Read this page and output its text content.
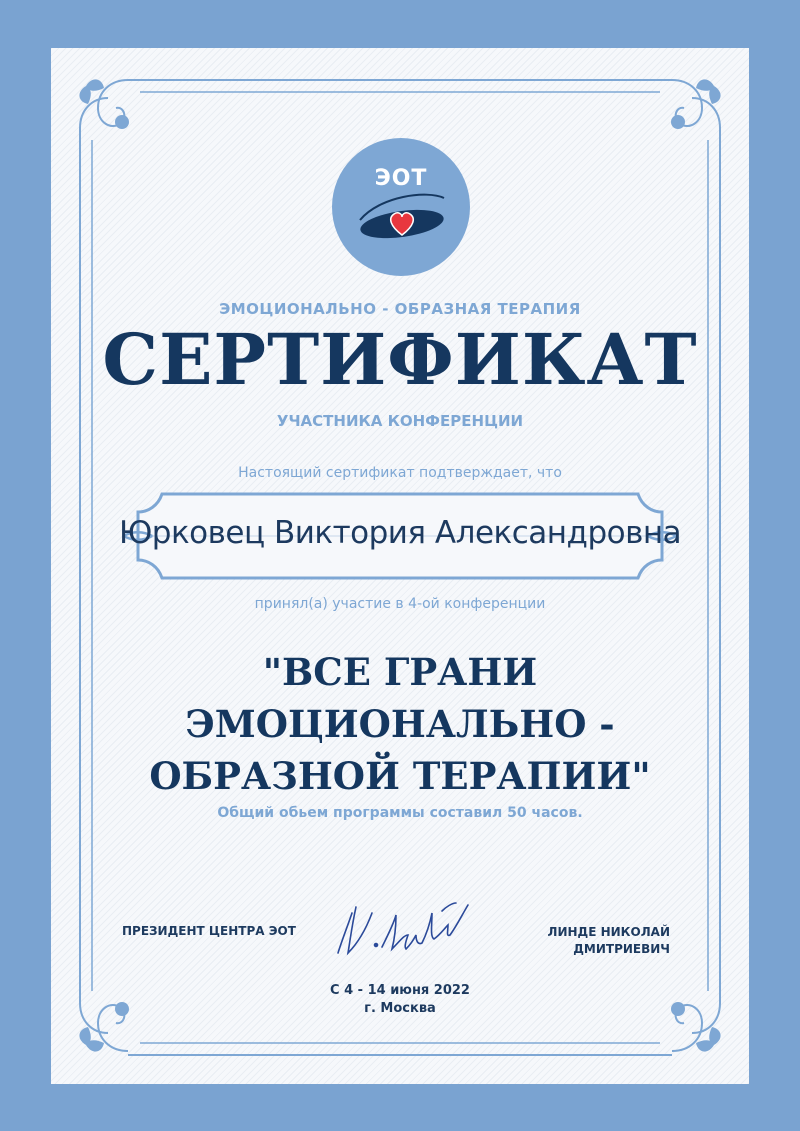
ЭОТ
ЭМОЦИОНАЛЬНО - ОБРАЗНАЯ ТЕРАПИЯ
СЕРТИФИКАТ
УЧАСТНИКА КОНФЕРЕНЦИИ
Настоящий сертификат подтверждает, что
Юрковец Виктория Александровна
принял(а) участие в 4-ой конференции
"ВСЕ ГРАНИ
ЭМОЦИОНАЛЬНО -
ОБРАЗНОЙ ТЕРАПИИ"
Общий обьем программы составил 50 часов.
ПРЕЗИДЕНТ ЦЕНТРА ЭОТ	ЛИНДЕ НИКОЛАЙ
ДМИТРИЕВИЧ
С 4 - 14 июня 2022
г. Москва
